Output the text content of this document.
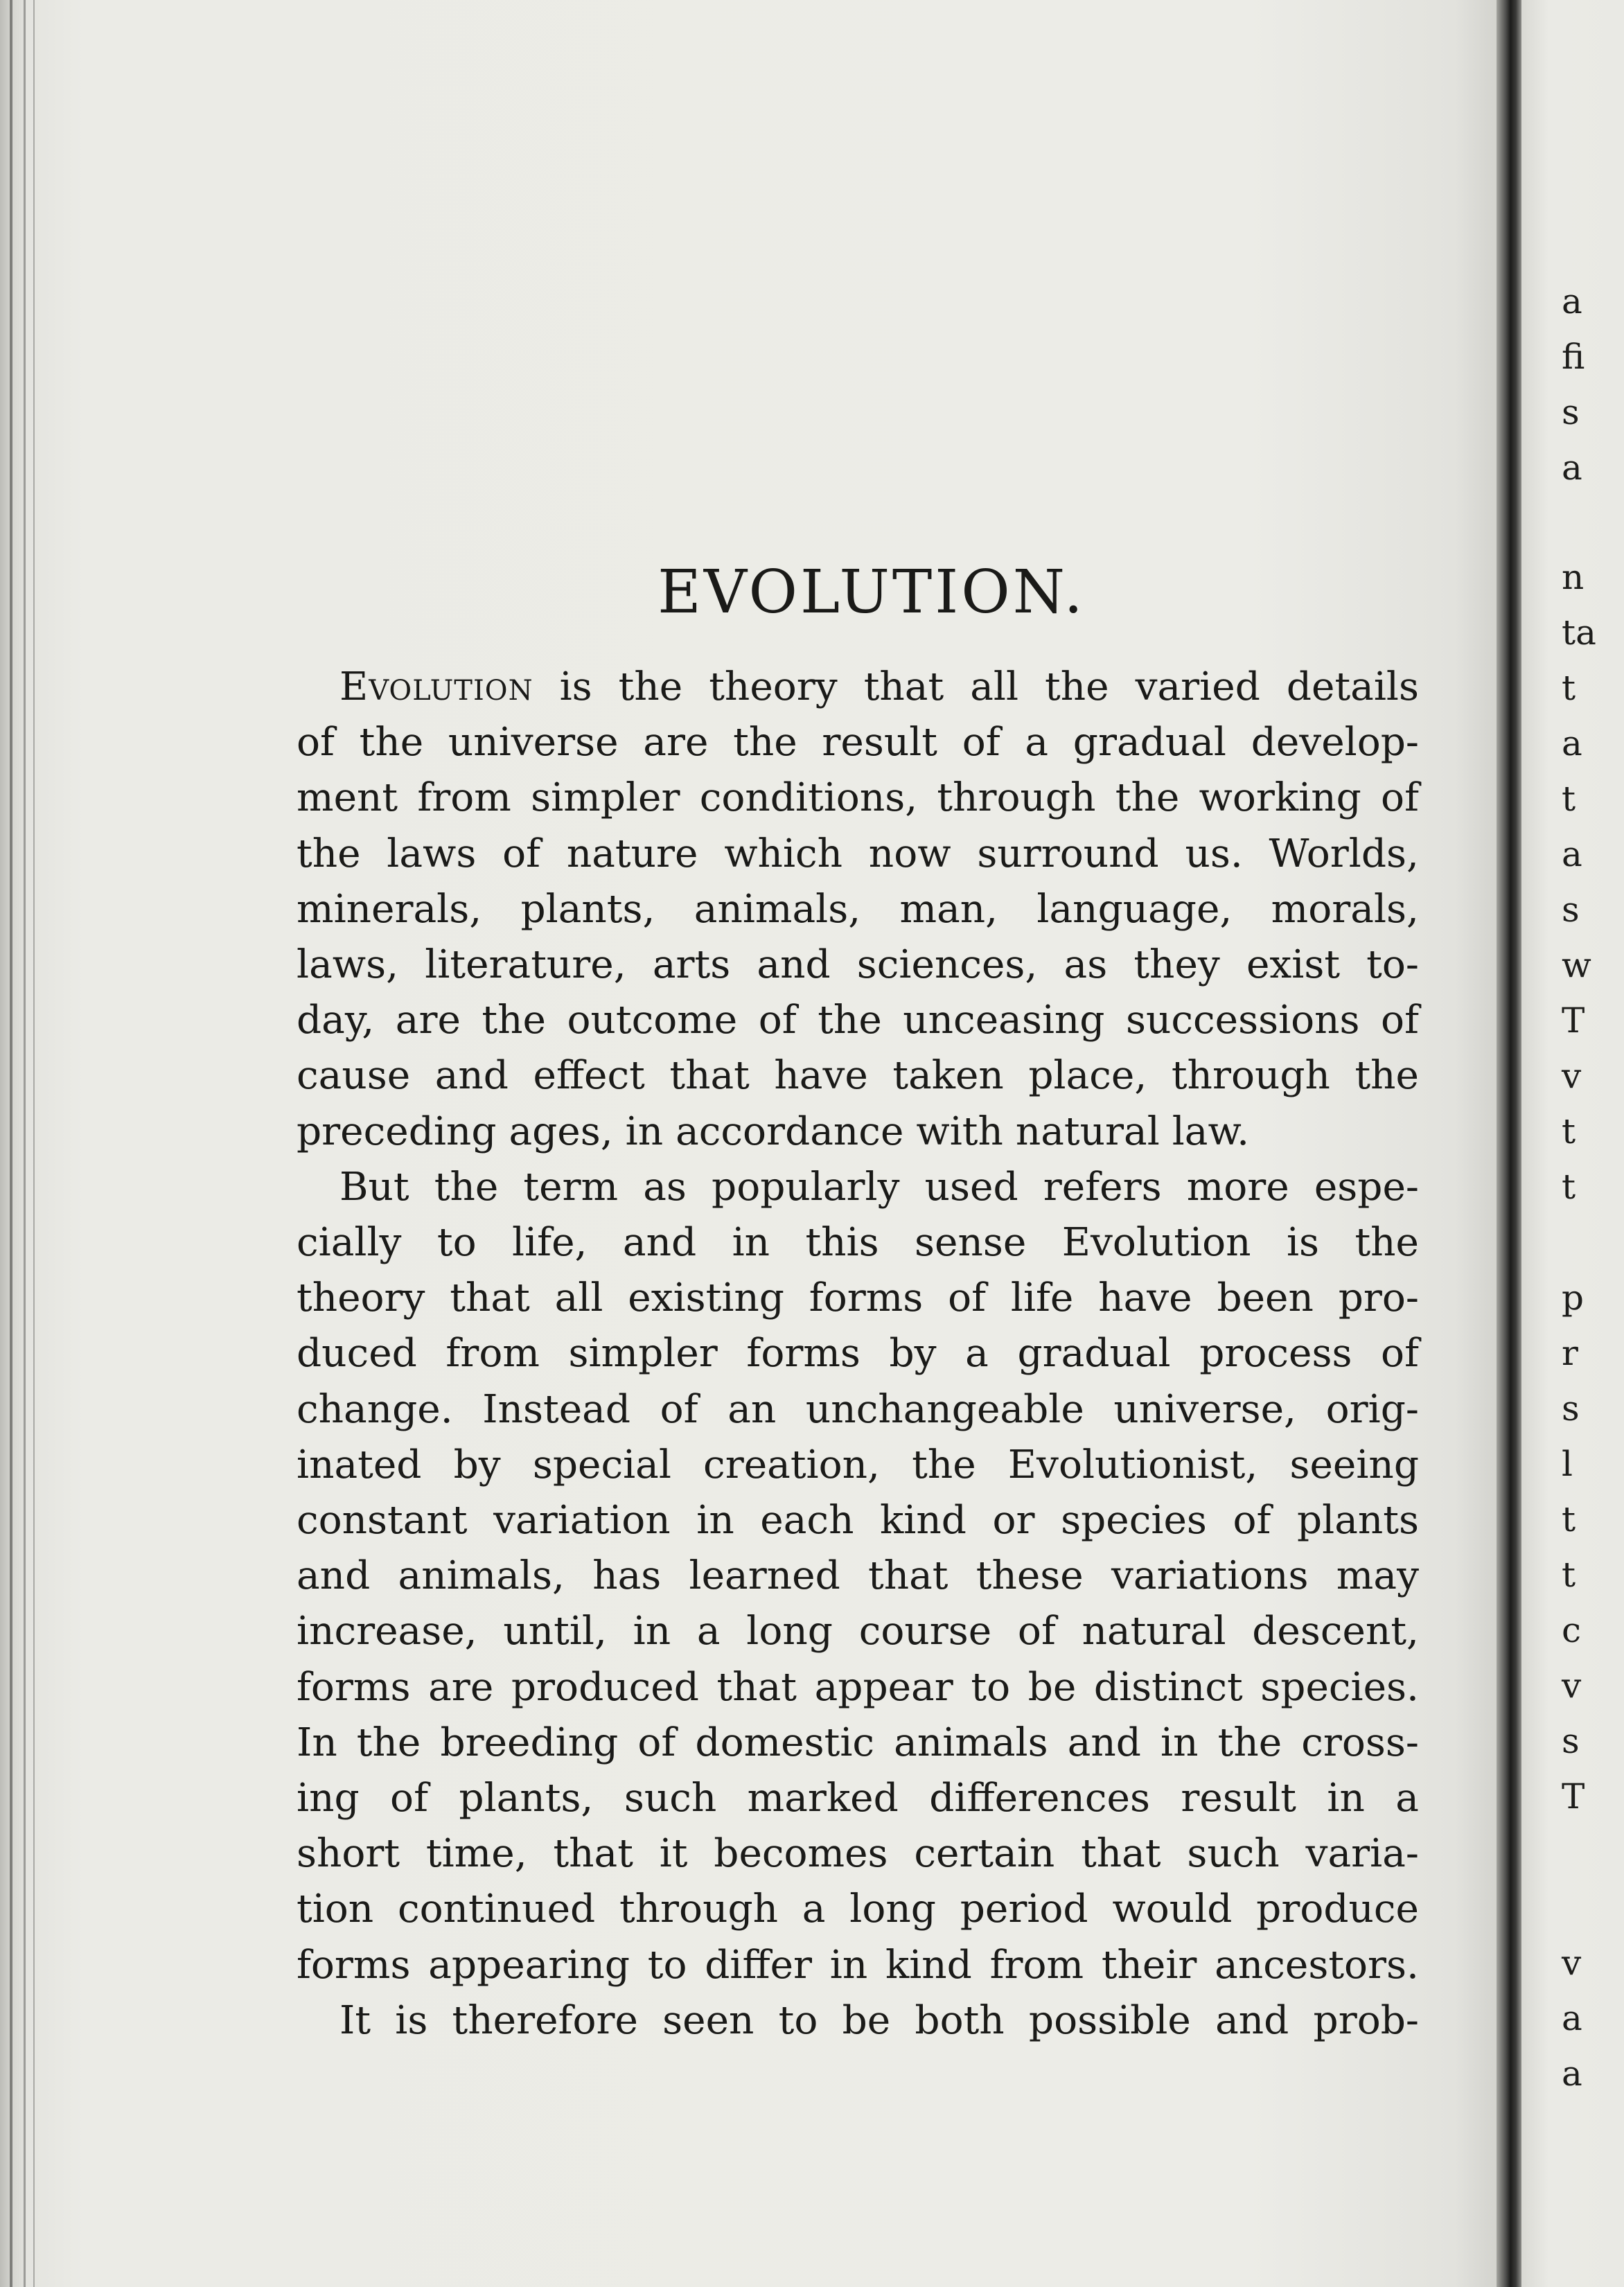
EVOLUTION.

Evolution is the theory that all the varied details
of the universe are the result of a gradual develop-
ment from simpler conditions, through the working of
the laws of nature which now surround us. Worlds,
minerals, plants, animals, man, language, morals,
laws, literature, arts and sciences, as they exist to-
day, are the outcome of the unceasing successions of
cause and effect that have taken place, through the
preceding ages, in accordance with natural law.

But the term as popularly used refers more espe-
cially to life, and in this sense Evolution is the
theory that all existing forms of life have been pro-
duced from simpler forms by a gradual process of
change. Instead of an unchangeable universe, orig-
inated by special creation, the Evolutionist, seeing
constant variation in each kind or species of plants
and animals, has learned that these variations may
increase, until, in a long course of natural descent,
forms are produced that appear to be distinct species.
In the breeding of domestic animals and in the cross-
ing of plants, such marked differences result in a
short time, that it becomes certain that such varia-
tion continued through a long period would produce
forms appearing to differ in kind from their ancestors.

It is therefore seen to be both possible and prob-

a
fi
s
a
n
ta
t
a
t
a
s
w
T
v
t
t
p
r
s
l
t
t
c
v
s
T
v
a
a
